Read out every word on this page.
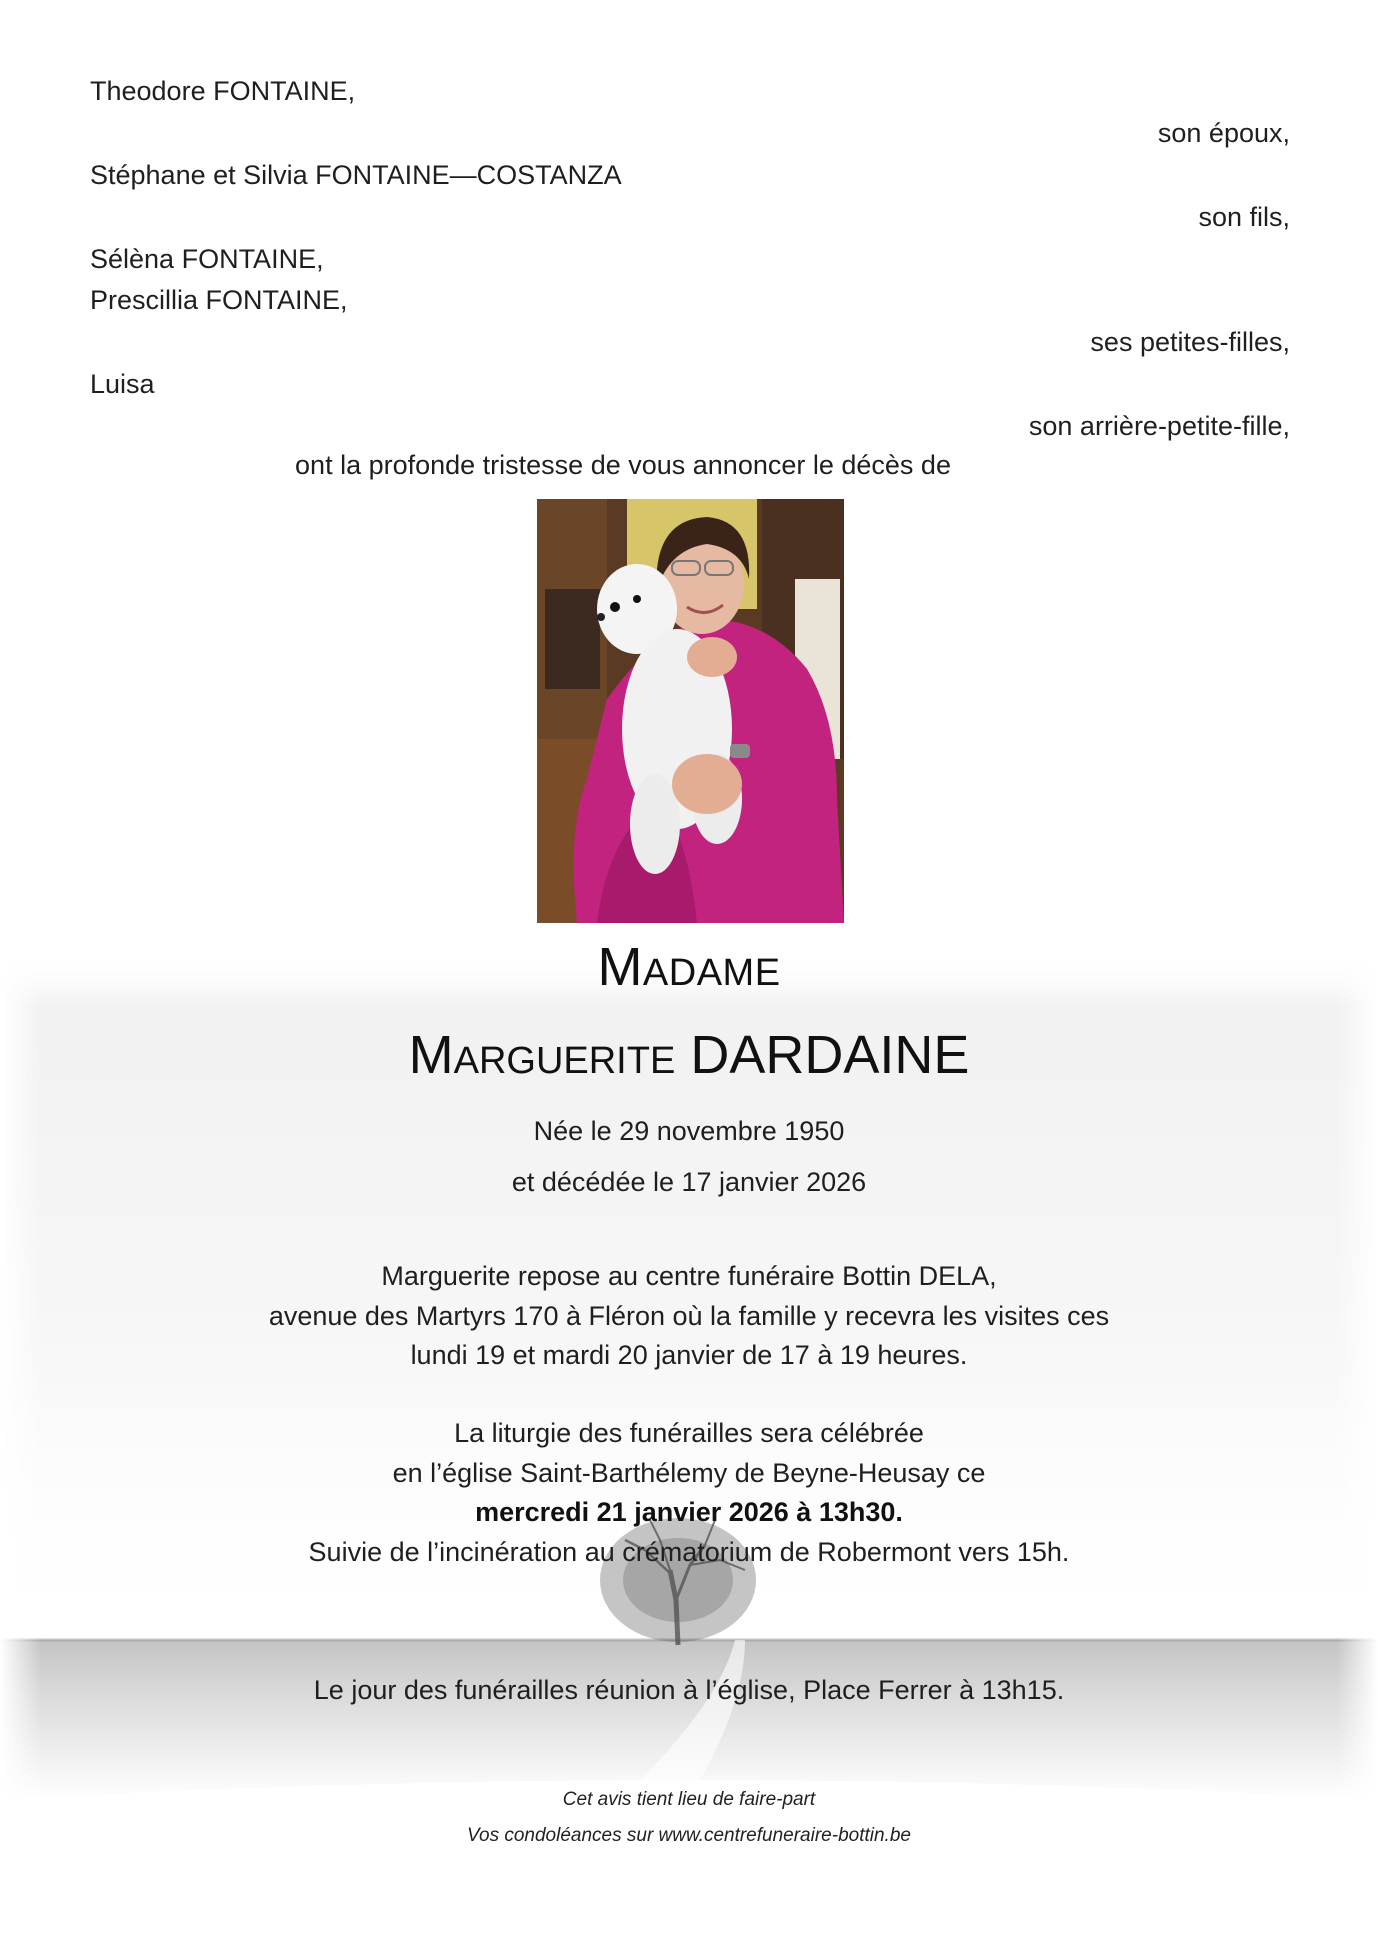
Theodore FONTAINE,
son époux,
Stéphane et Silvia FONTAINE—COSTANZA
son fils,
Sélèna FONTAINE,
Prescillia FONTAINE,
ses petites-filles,
Luisa
son arrière-petite-fille,
ont la profonde tristesse de vous annoncer le décès de
Madame
Marguerite DARDAINE
Née le 29 novembre 1950
et décédée le 17 janvier 2026
Marguerite repose au centre funéraire Bottin DELA,
avenue des Martyrs 170 à Fléron où la famille y recevra les visites ces
lundi 19 et mardi 20 janvier de 17 à 19 heures.
La liturgie des funérailles sera célébrée
en l’église Saint-Barthélemy de Beyne-Heusay ce
mercredi 21 janvier 2026 à 13h30.
Suivie de l’incinération au crématorium de Robermont vers 15h.
Le jour des funérailles réunion à l’église, Place Ferrer à 13h15.
Cet avis tient lieu de faire-part
Vos condoléances sur www.centrefuneraire-bottin.be
